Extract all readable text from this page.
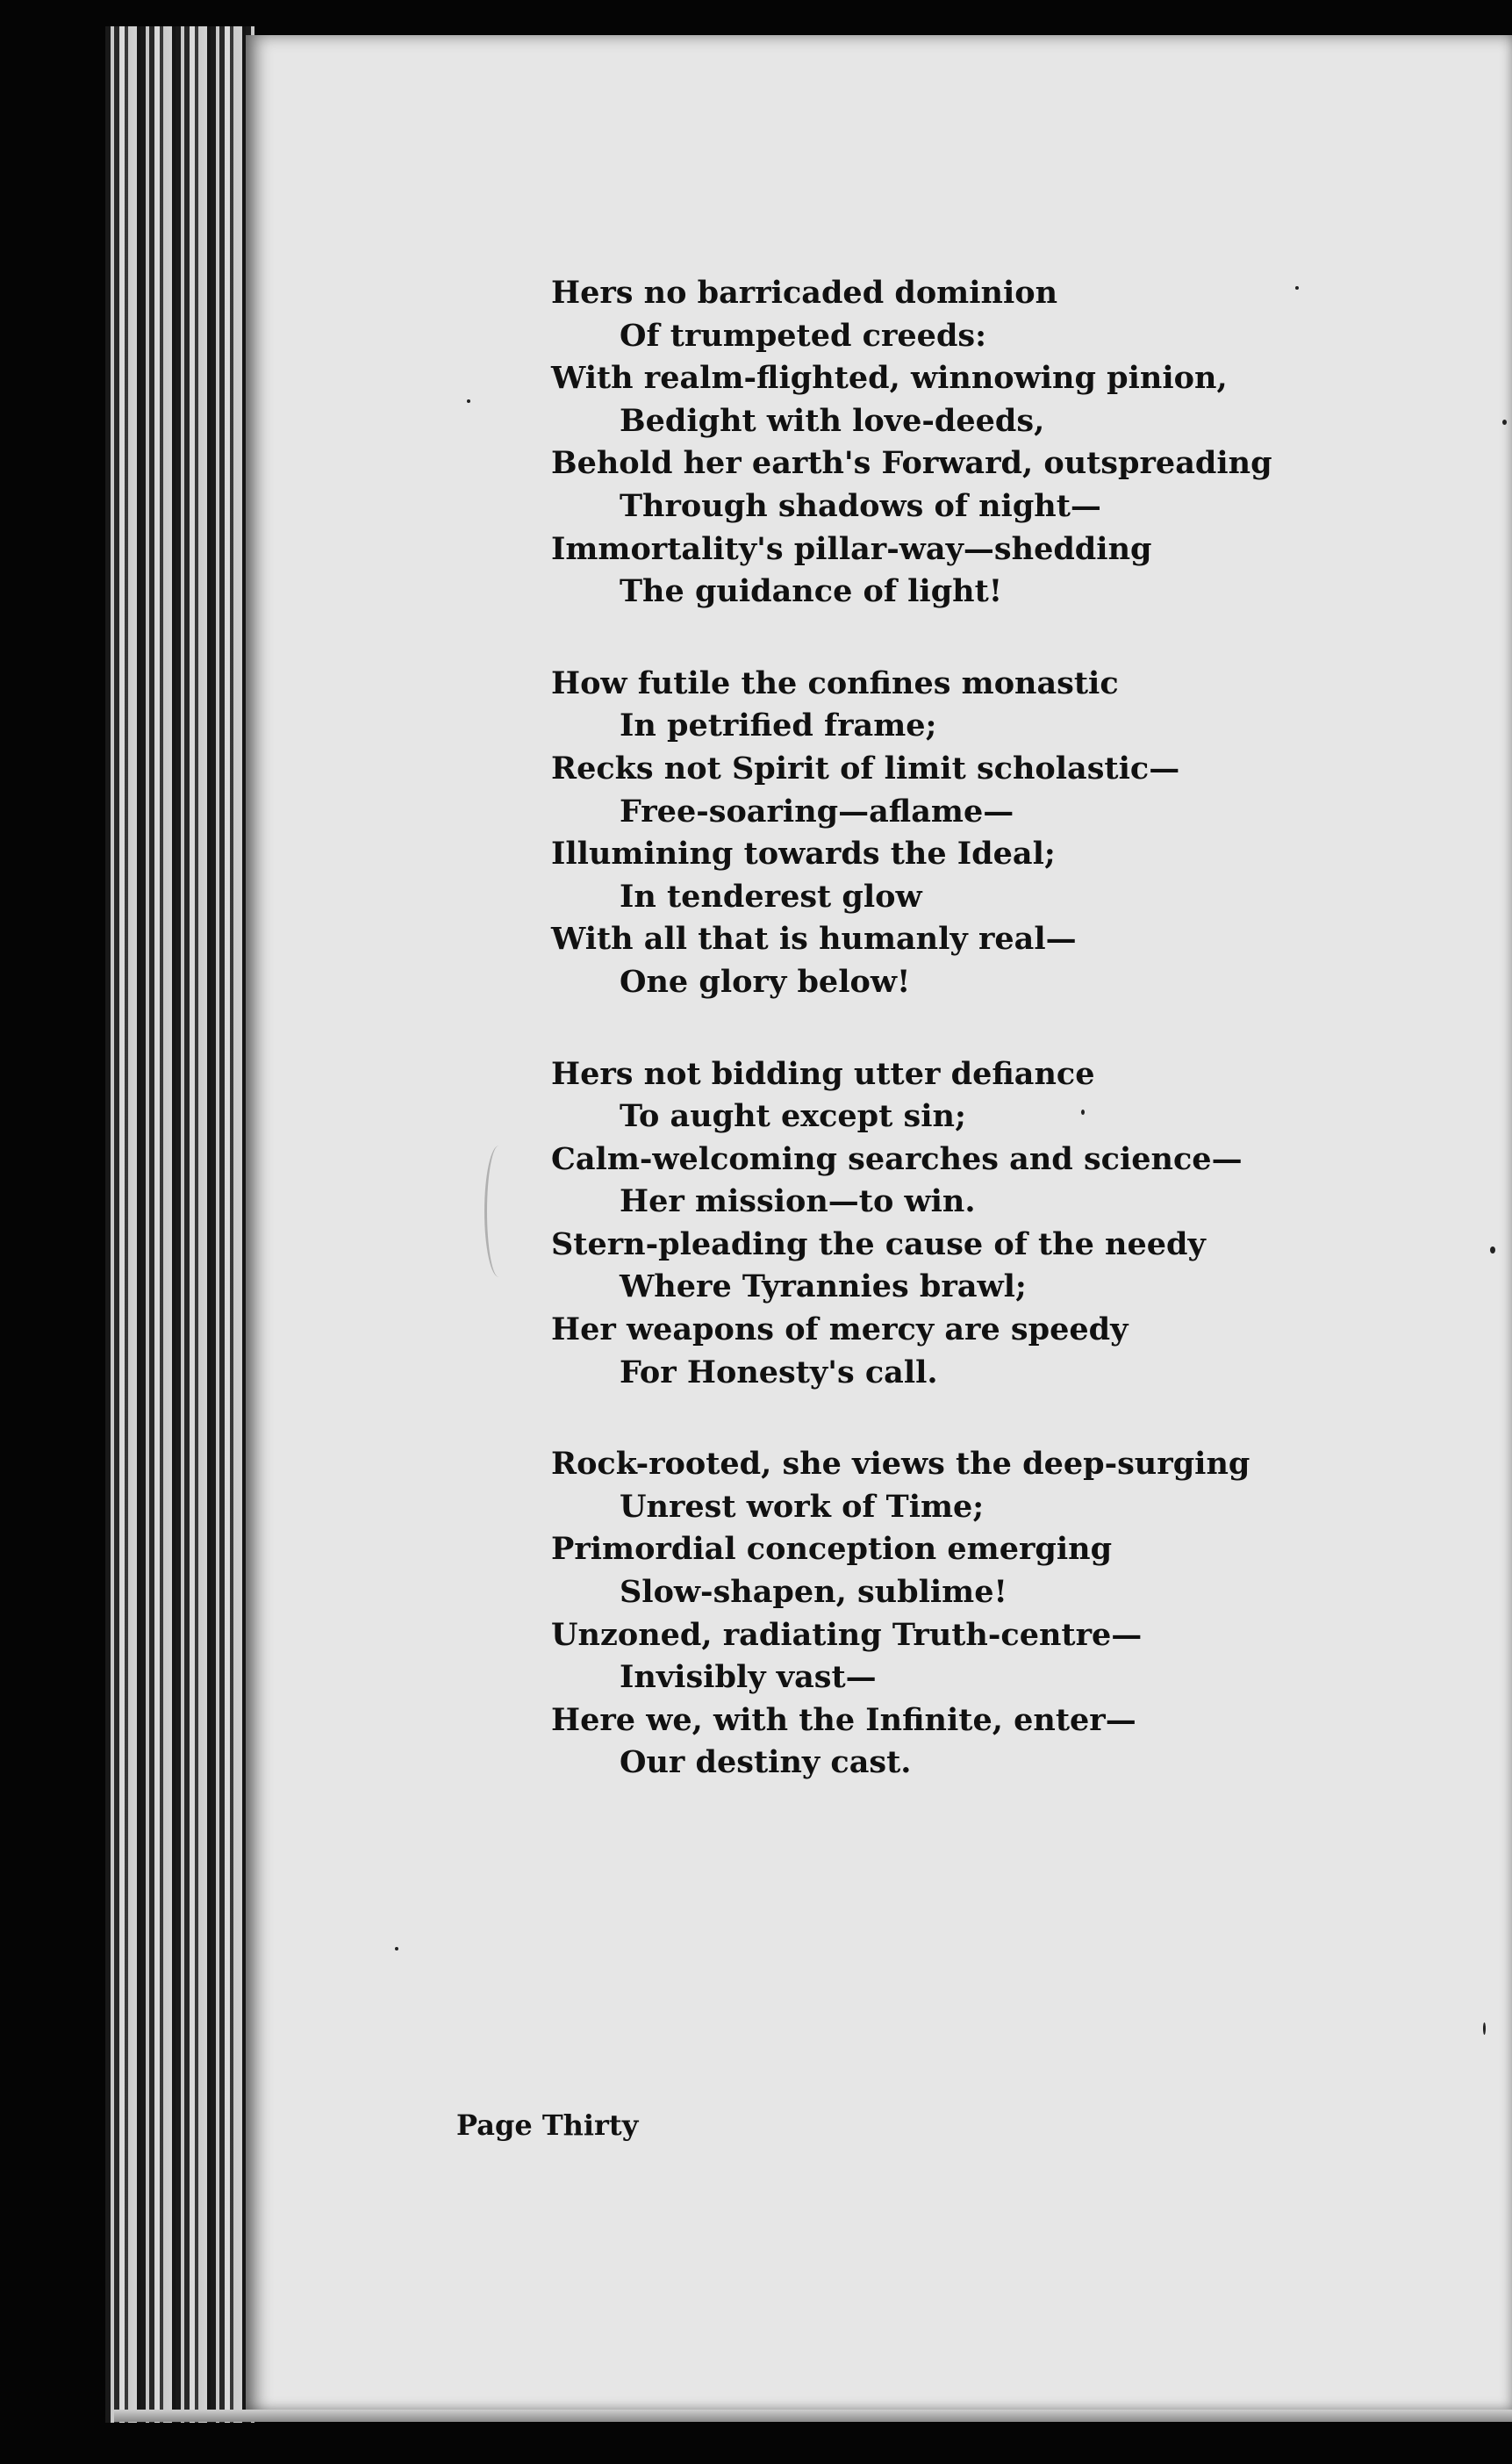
Hers no barricaded dominion
Of trumpeted creeds:
With realm-flighted, winnowing pinion,
Bedight with love-deeds,
Behold her earth's Forward, outspreading
Through shadows of night—
Immortality's pillar-way—shedding
The guidance of light!
How futile the confines monastic
In petrified frame;
Recks not Spirit of limit scholastic—
Free-soaring—aflame—
Illumining towards the Ideal;
In tenderest glow
With all that is humanly real—
One glory below!
Hers not bidding utter defiance
To aught except sin;
Calm-welcoming searches and science—
Her mission—to win.
Stern-pleading the cause of the needy
Where Tyrannies brawl;
Her weapons of mercy are speedy
For Honesty's call.
Rock-rooted, she views the deep-surging
Unrest work of Time;
Primordial conception emerging
Slow-shapen, sublime!
Unzoned, radiating Truth-centre—
Invisibly vast—
Here we, with the Infinite, enter—
Our destiny cast.
Page Thirty
